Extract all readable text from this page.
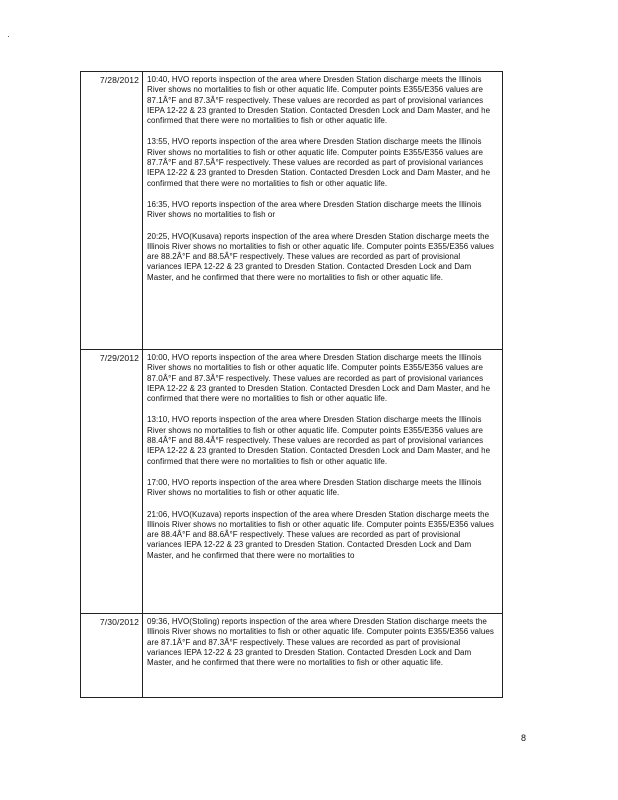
7/28/2012	10:40, HVO reports inspection of the area where Dresden Station discharge meets the Illinois River shows no mortalities to fish or other aquatic life. Computer points E355/E356 values are 87.1Â°F and 87.3Â°F respectively. These values are recorded as part of provisional variances IEPA 12-22 & 23 granted to Dresden Station. Contacted Dresden Lock and Dam Master, and he confirmed that there were no mortalities to fish or other aquatic life.

13:55, HVO reports inspection of the area where Dresden Station discharge meets the Illinois River shows no mortalities to fish or other aquatic life. Computer points E355/E356 values are 87.7Â°F and 87.5Â°F respectively. These values are recorded as part of provisional variances IEPA 12-22 & 23 granted to Dresden Station. Contacted Dresden Lock and Dam Master, and he confirmed that there were no mortalities to fish or other aquatic life.

16:35, HVO reports inspection of the area where Dresden Station discharge meets the Illinois River shows no mortalities to fish or

20:25, HVO(Kusava) reports inspection of the area where Dresden Station discharge meets the Illinois River shows no mortalities to fish or other aquatic life. Computer points E355/E356 values are 88.2Â°F and 88.5Â°F respectively. These values are recorded as part of provisional variances IEPA 12-22 & 23 granted to Dresden Station. Contacted Dresden Lock and Dam Master, and he confirmed that there were no mortalities to fish or other aquatic life.

7/29/2012	10:00, HVO reports inspection of the area where Dresden Station discharge meets the Illinois River shows no mortalities to fish or other aquatic life. Computer points E355/E356 values are 87.0Â°F and 87.3Â°F respectively. These values are recorded as part of provisional variances IEPA 12-22 & 23 granted to Dresden Station. Contacted Dresden Lock and Dam Master, and he confirmed that there were no mortalities to fish or other aquatic life.

13:10, HVO reports inspection of the area where Dresden Station discharge meets the Illinois River shows no mortalities to fish or other aquatic life. Computer points E355/E356 values are 88.4Â°F and 88.4Â°F respectively. These values are recorded as part of provisional variances IEPA 12-22 & 23 granted to Dresden Station. Contacted Dresden Lock and Dam Master, and he confirmed that there were no mortalities to fish or other aquatic life.

17:00, HVO reports inspection of the area where Dresden Station discharge meets the Illinois River shows no mortalities to fish or other aquatic life.

21:06, HVO(Kuzava) reports inspection of the area where Dresden Station discharge meets the Illinois River shows no mortalities to fish or other aquatic life. Computer points E355/E356 values are 88.4Â°F and 88.6Â°F respectively. These values are recorded as part of provisional variances IEPA 12-22 & 23 granted to Dresden Station. Contacted Dresden Lock and Dam Master, and he confirmed that there were no mortalities to

7/30/2012	09:36, HVO(Stoling) reports inspection of the area where Dresden Station discharge meets the Illinois River shows no mortalities to fish or other aquatic life. Computer points E355/E356 values are 87.1Â°F and 87.3Â°F respectively. These values are recorded as part of provisional variances IEPA 12-22 & 23 granted to Dresden Station. Contacted Dresden Lock and Dam Master, and he confirmed that there were no mortalities to fish or other aquatic life.

8
